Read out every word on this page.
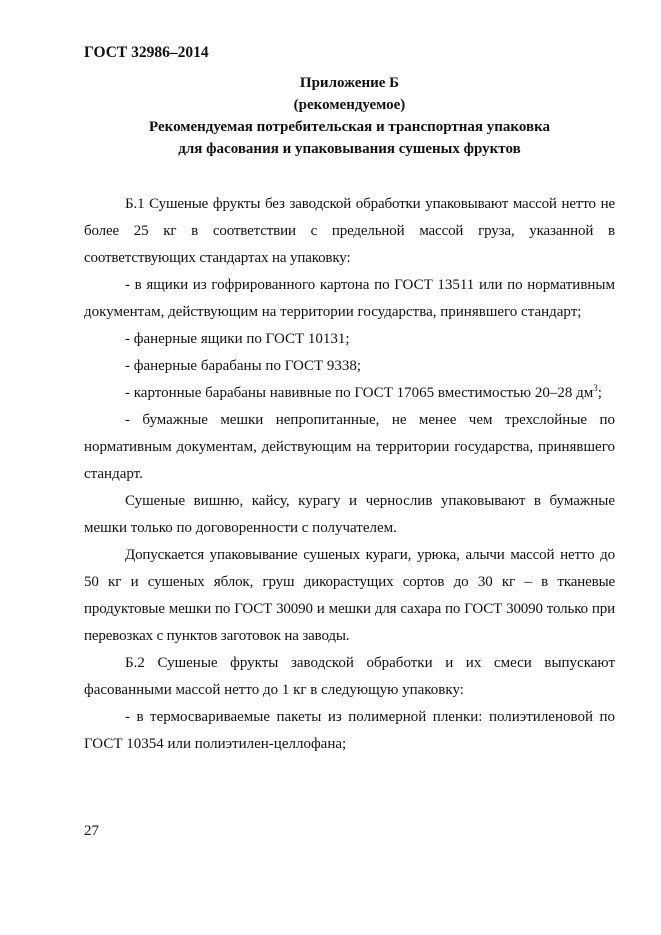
ГОСТ 32986–2014
Приложение Б
(рекомендуемое)
Рекомендуемая потребительская и транспортная упаковка
для фасования и упаковывания сушеных фруктов

Б.1 Сушеные фрукты без заводской обработки упаковывают массой нетто не более 25 кг в соответствии с предельной массой груза, указанной в соответствующих стандартах на упаковку:

- в ящики из гофрированного картона по ГОСТ 13511 или по нормативным документам, действующим на территории государства, принявшего стандарт;

- фанерные ящики по ГОСТ 10131;

- фанерные барабаны по ГОСТ 9338;

- картонные барабаны навивные по ГОСТ 17065 вместимостью 20–28 $дм^3$;

- бумажные мешки непропитанные, не менее чем трехслойные по нормативным документам, действующим на территории государства, принявшего стандарт.

Сушеные вишню, кайсу, курагу и чернослив упаковывают в бумажные мешки только по договоренности с получателем.

Допускается упаковывание сушеных кураги, урюка, алычи массой нетто до 50 кг и сушеных яблок, груш дикорастущих сортов до 30 кг – в тканевые продуктовые мешки по ГОСТ 30090 и мешки для сахара по ГОСТ 30090 только при перевозках с пунктов заготовок на заводы.

Б.2 Сушеные фрукты заводской обработки и их смеси выпускают фасованными массой нетто до 1 кг в следующую упаковку:

- в термосвариваемые пакеты из полимерной пленки: полиэтиленовой по ГОСТ 10354 или полиэтилен-целлофана;

27
